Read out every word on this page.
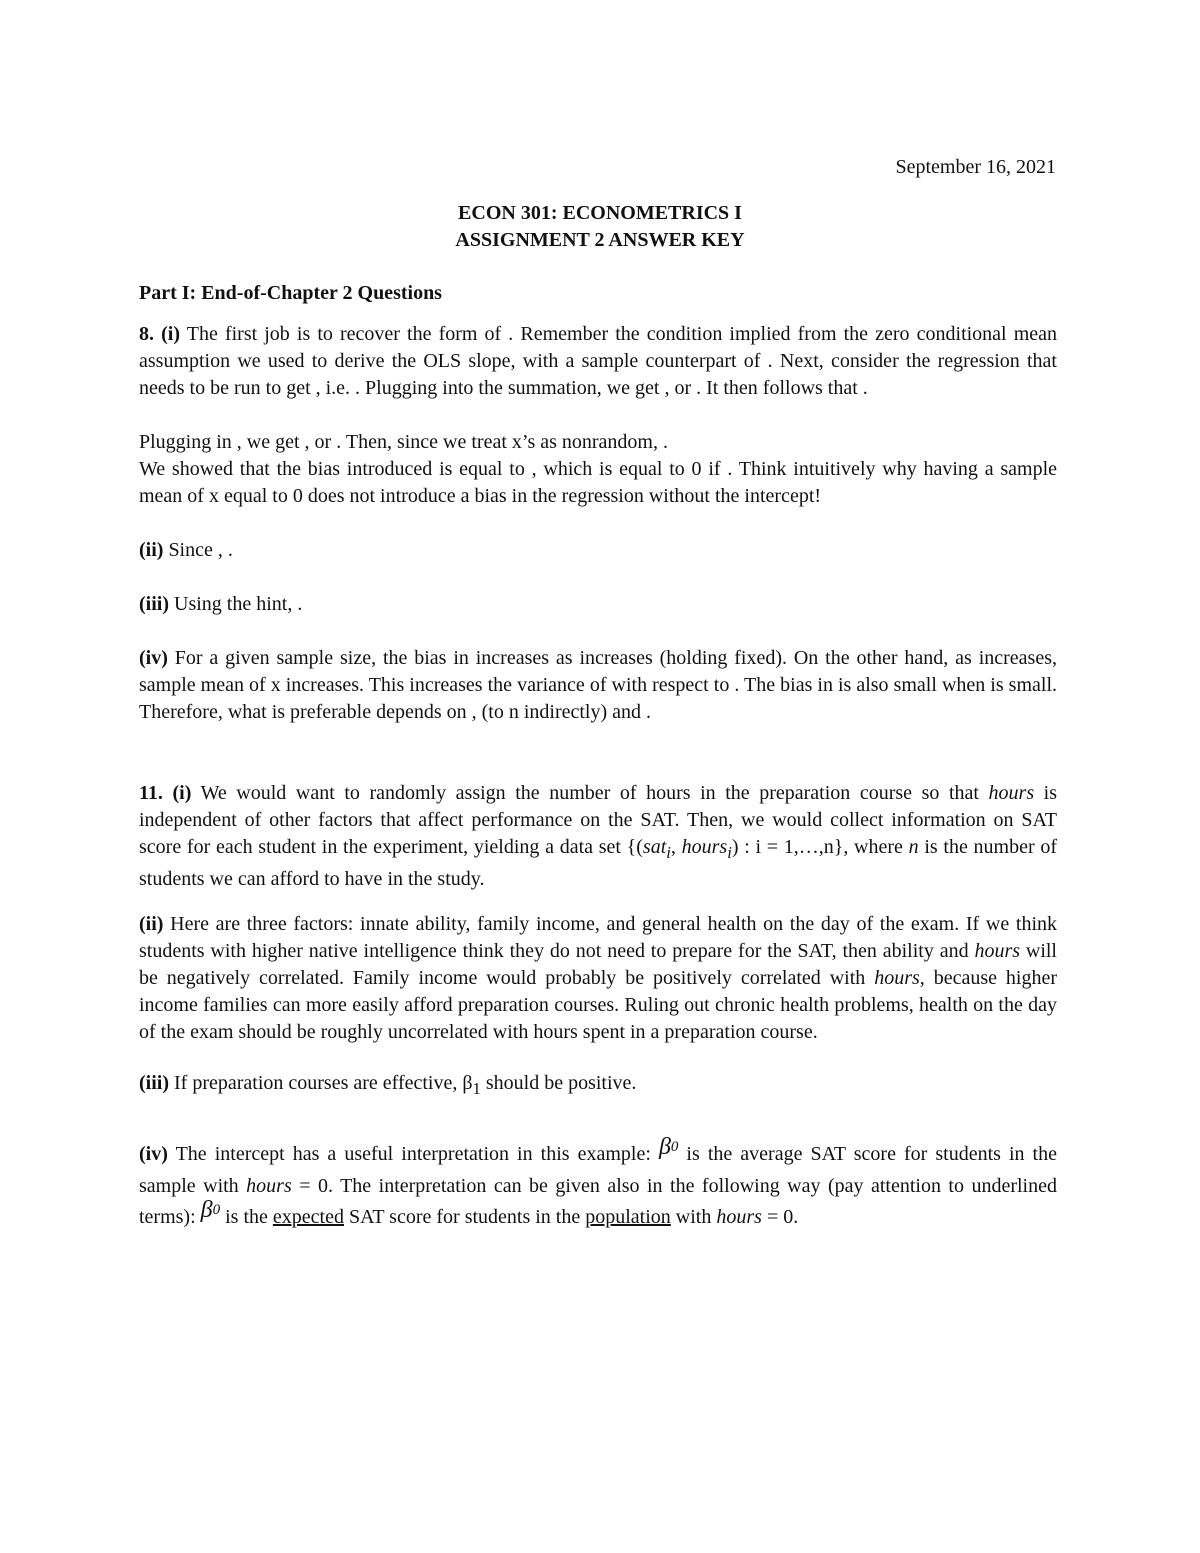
September 16, 2021
ECON 301: ECONOMETRICS I
ASSIGNMENT 2 ANSWER KEY
Part I: End-of-Chapter 2 Questions

8. (i) The first job is to recover the form of . Remember the condition implied from the zero conditional mean assumption we used to derive the OLS slope, with a sample counterpart of . Next, consider the regression that needs to be run to get , i.e. . Plugging into the summation, we get , or . It then follows that .

Plugging in , we get , or . Then, since we treat x’s as nonrandom, .

We showed that the bias introduced is equal to , which is equal to 0 if . Think intuitively why having a sample mean of x equal to 0 does not introduce a bias in the regression without the intercept!

(ii) Since , .

(iii) Using the hint, .

(iv) For a given sample size, the bias in increases as increases (holding fixed). On the other hand, as increases, sample mean of x increases. This increases the variance of with respect to . The bias in is also small when is small. Therefore, what is preferable depends on , (to n indirectly) and .

11. (i) We would want to randomly assign the number of hours in the preparation course so that hours is independent of other factors that affect performance on the SAT. Then, we would collect information on SAT score for each student in the experiment, yielding a data set {(sat$_i$, hours$_i$) : i = 1,…,n}, where n is the number of students we can afford to have in the study.

(ii) Here are three factors: innate ability, family income, and general health on the day of the exam. If we think students with higher native intelligence think they do not need to prepare for the SAT, then ability and hours will be negatively correlated. Family income would probably be positively correlated with hours, because higher income families can more easily afford preparation courses. Ruling out chronic health problems, health on the day of the exam should be roughly uncorrelated with hours spent in a preparation course.

(iii) If preparation courses are effective, $\beta_1$ should be positive.

(iv) The intercept has a useful interpretation in this example: β0 is the average SAT score for students in the sample with hours = 0. The interpretation can be given also in the following way (pay attention to underlined terms): β0 is the expected SAT score for students in the population with hours = 0.
